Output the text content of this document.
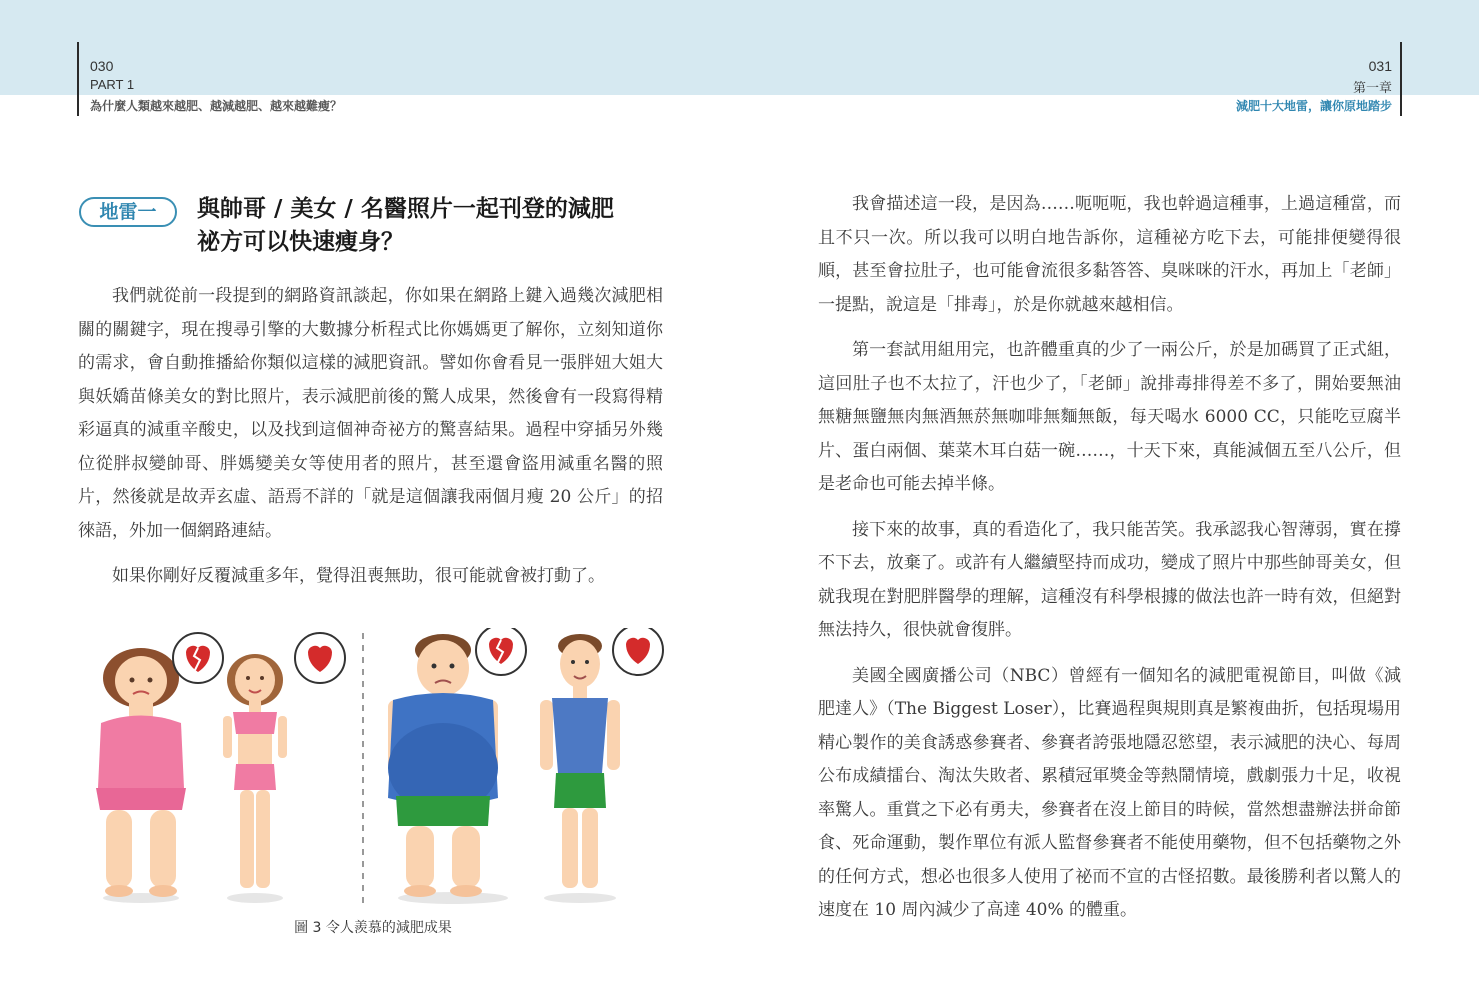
030
PART 1
為什麼人類越來越肥、越減越肥、越來越難瘦？
031
第一章
減肥十大地雷，讓你原地踏步
地雷一	與帥哥 / 美女 / 名醫照片一起刊登的減肥
祕方可以快速瘦身？

我們就從前一段提到的網路資訊談起，你如果在網路上鍵入過幾次減肥相關的關鍵字，現在搜尋引擎的大數據分析程式比你媽媽更了解你，立刻知道你的需求，會自動推播給你類似這樣的減肥資訊。譬如你會看見一張胖妞大姐大與妖嬌苗條美女的對比照片，表示減肥前後的驚人成果，然後會有一段寫得精彩逼真的減重辛酸史，以及找到這個神奇祕方的驚喜結果。過程中穿插另外幾位從胖叔變帥哥、胖媽變美女等使用者的照片，甚至還會盜用減重名醫的照片，然後就是故弄玄虛、語焉不詳的「就是這個讓我兩個月瘦 20 公斤」的招徠語，外加一個網路連結。

如果你剛好反覆減重多年，覺得沮喪無助，很可能就會被打動了。

圖 3 令人羨慕的減肥成果

我會描述這一段，是因為……呃呃呃，我也幹過這種事，上過這種當，而且不只一次。所以我可以明白地告訴你，這種祕方吃下去，可能排便變得很順，甚至會拉肚子，也可能會流很多黏答答、臭咪咪的汗水，再加上「老師」一提點，說這是「排毒」，於是你就越來越相信。

第一套試用組用完，也許體重真的少了一兩公斤，於是加碼買了正式組，這回肚子也不太拉了，汗也少了，「老師」說排毒排得差不多了，開始要無油無糖無鹽無肉無酒無菸無咖啡無麵無飯，每天喝水 6000 CC，只能吃豆腐半片、蛋白兩個、葉菜木耳白菇一碗……，十天下來，真能減個五至八公斤，但是老命也可能去掉半條。

接下來的故事，真的看造化了，我只能苦笑。我承認我心智薄弱，實在撐不下去，放棄了。或許有人繼續堅持而成功，變成了照片中那些帥哥美女，但就我現在對肥胖醫學的理解，這種沒有科學根據的做法也許一時有效，但絕對無法持久，很快就會復胖。

美國全國廣播公司（NBC）曾經有一個知名的減肥電視節目，叫做《減肥達人》（The Biggest Loser），比賽過程與規則真是繁複曲折，包括現場用精心製作的美食誘惑參賽者、參賽者誇張地隱忍慾望，表示減肥的決心、每周公布成績擂台、淘汰失敗者、累積冠軍獎金等熱鬧情境，戲劇張力十足，收視率驚人。重賞之下必有勇夫，參賽者在沒上節目的時候，當然想盡辦法拼命節食、死命運動，製作單位有派人監督參賽者不能使用藥物，但不包括藥物之外的任何方式，想必也很多人使用了祕而不宣的古怪招數。最後勝利者以驚人的速度在 10 周內減少了高達 40% 的體重。
